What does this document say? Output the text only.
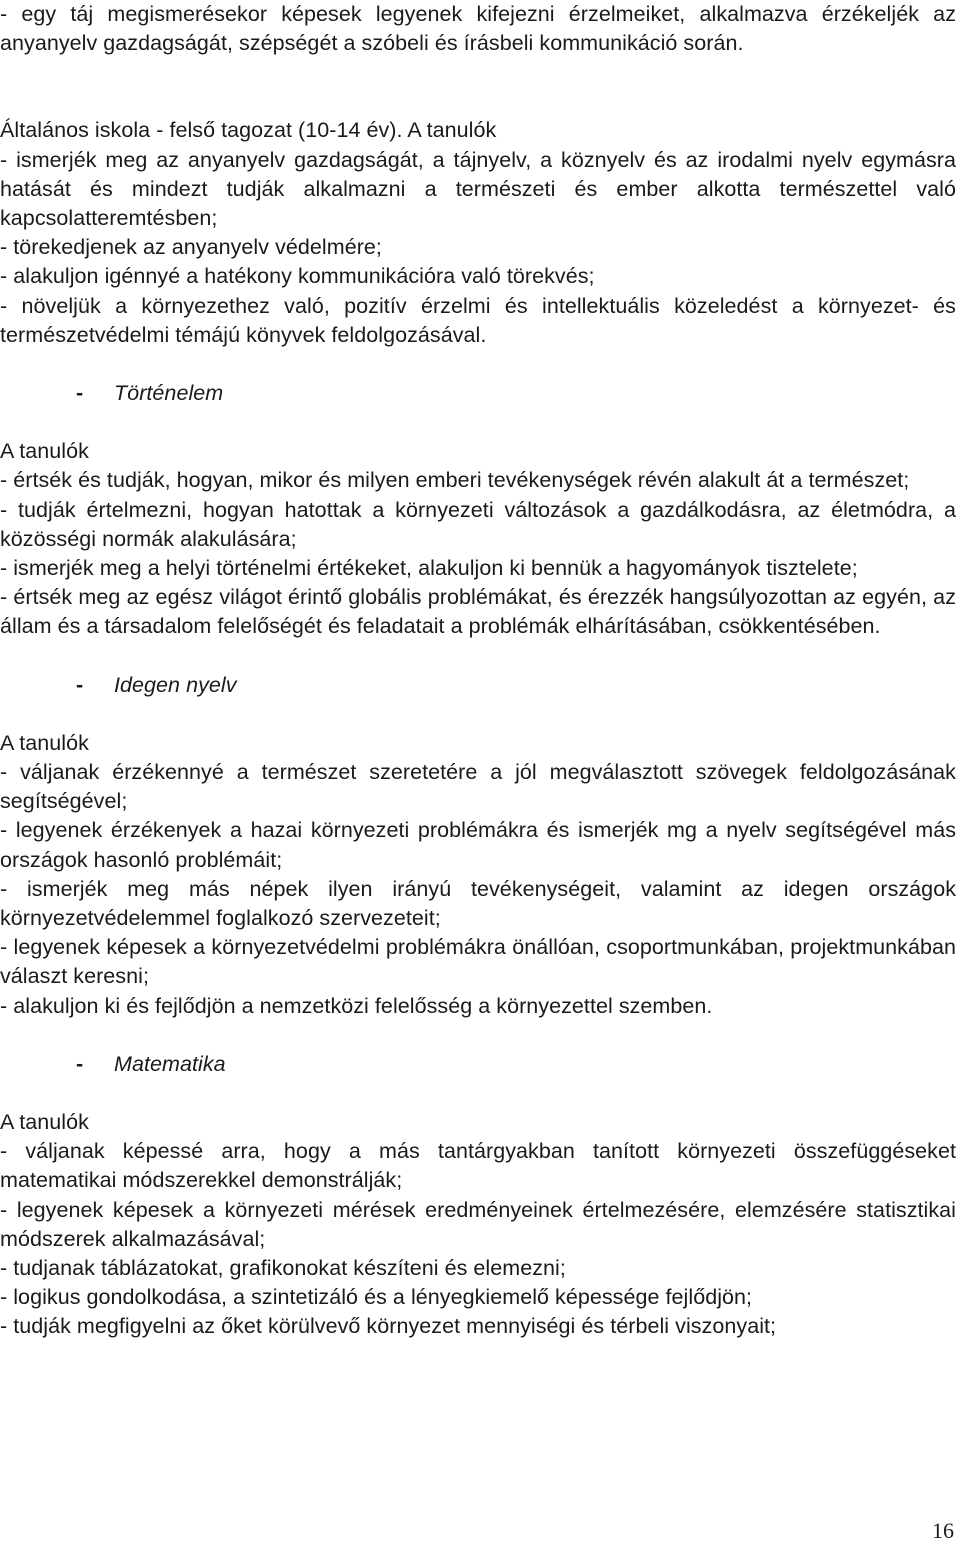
- egy táj megismerésekor képesek legyenek kifejezni érzelmeiket, alkalmazva érzékeljék az anyanyelv gazdagságát, szépségét a szóbeli és írásbeli kommunikáció során.

Általános iskola - felső tagozat (10-14 év). A tanulók

- ismerjék meg az anyanyelv gazdagságát, a tájnyelv, a köznyelv és az irodalmi nyelv egymásra hatását és mindezt tudják alkalmazni a természeti és ember alkotta természettel való kapcsolatteremtésben;

- törekedjenek az anyanyelv védelmére;

- alakuljon igénnyé a hatékony kommunikációra való törekvés;

- növeljük a környezethez való, pozitív érzelmi és intellektuális közeledést a környezet- és természetvédelmi témájú könyvek feldolgozásával.

- Történelem

A tanulók

- értsék és tudják, hogyan, mikor és milyen emberi tevékenységek révén alakult át a természet;

- tudják értelmezni, hogyan hatottak a környezeti változások a gazdálkodásra, az életmódra, a közösségi normák alakulására;

- ismerjék meg a helyi történelmi értékeket, alakuljon ki bennük a hagyományok tisztelete;

- értsék meg az egész világot érintő globális problémákat, és érezzék hangsúlyozottan az egyén, az állam és a társadalom felelőségét és feladatait a problémák elhárításában, csökkentésében.

- Idegen nyelv

A tanulók

- váljanak érzékennyé a természet szeretetére a jól megválasztott szövegek feldolgozásának segítségével;

- legyenek érzékenyek a hazai környezeti problémákra és ismerjék mg a nyelv segítségével más országok hasonló problémáit;

- ismerjék meg más népek ilyen irányú tevékenységeit, valamint az idegen országok környezetvédelemmel foglalkozó szervezeteit;

- legyenek képesek a környezetvédelmi problémákra önállóan, csoportmunkában, projektmunkában választ keresni;

- alakuljon ki és fejlődjön a nemzetközi felelősség a környezettel szemben.

- Matematika

A tanulók

- váljanak képessé arra, hogy a más tantárgyakban tanított környezeti összefüggéseket matematikai módszerekkel demonstrálják;

- legyenek képesek a környezeti mérések eredményeinek értelmezésére, elemzésére statisztikai módszerek alkalmazásával;

- tudjanak táblázatokat, grafikonokat készíteni és elemezni;

- logikus gondolkodása, a szintetizáló és a lényegkiemelő képessége fejlődjön;

- tudják megfigyelni az őket körülvevő környezet mennyiségi és térbeli viszonyait;

16
